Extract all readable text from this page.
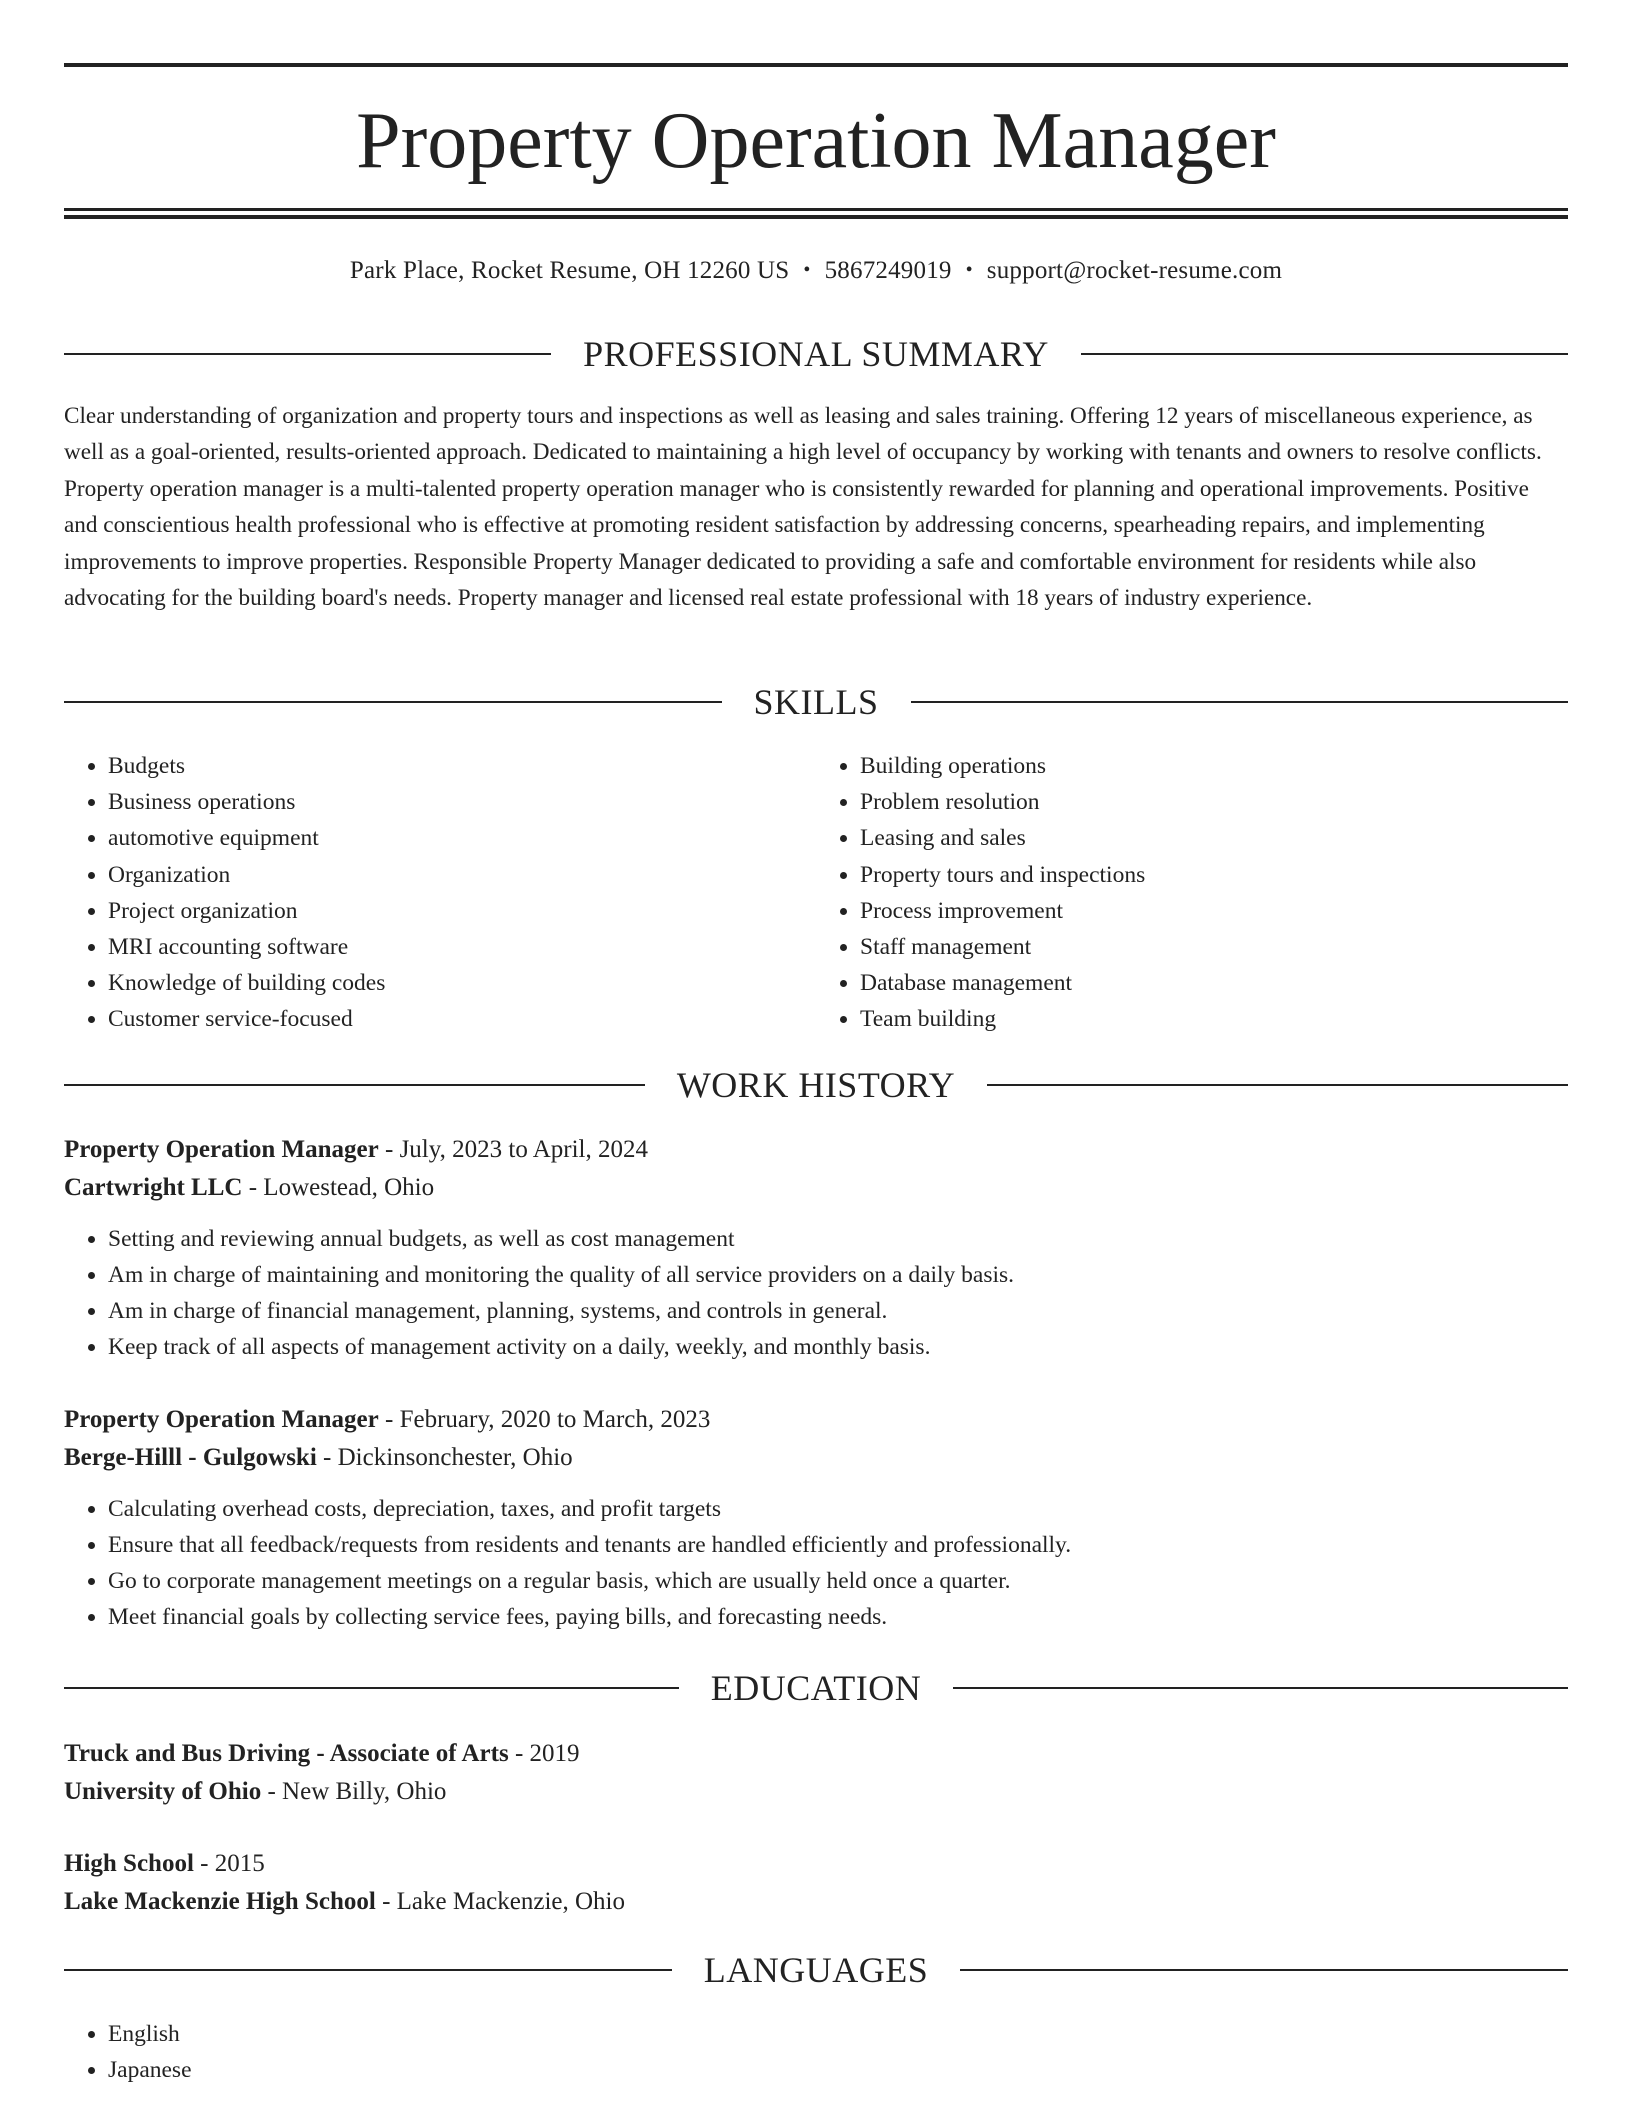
Property Operation Manager
Park Place, Rocket Resume, OH 12260 US • 5867249019 • support@rocket-resume.com
PROFESSIONAL SUMMARY

Clear understanding of organization and property tours and inspections as well as leasing and sales training. Offering 12 years of miscellaneous experience, as well as a goal-oriented, results-oriented approach. Dedicated to maintaining a high level of occupancy by working with tenants and owners to resolve conflicts. Property operation manager is a multi-talented property operation manager who is consistently rewarded for planning and operational improvements. Positive and conscientious health professional who is effective at promoting resident satisfaction by addressing concerns, spearheading repairs, and implementing improvements to improve properties. Responsible Property Manager dedicated to providing a safe and comfortable environment for residents while also advocating for the building board's needs. Property manager and licensed real estate professional with 18 years of industry experience.

SKILLS
• Budgets
• Business operations
• automotive equipment
• Organization
• Project organization
• MRI accounting software
• Knowledge of building codes
• Customer service-focused
• Building operations
• Problem resolution
• Leasing and sales
• Property tours and inspections
• Process improvement
• Staff management
• Database management
• Team building
WORK HISTORY
Property Operation Manager - July, 2023 to April, 2024
Cartwright LLC - Lowestead, Ohio
• Setting and reviewing annual budgets, as well as cost management
• Am in charge of maintaining and monitoring the quality of all service providers on a daily basis.
• Am in charge of financial management, planning, systems, and controls in general.
• Keep track of all aspects of management activity on a daily, weekly, and monthly basis.
Property Operation Manager - February, 2020 to March, 2023
Berge-Hilll - Gulgowski - Dickinsonchester, Ohio
• Calculating overhead costs, depreciation, taxes, and profit targets
• Ensure that all feedback/requests from residents and tenants are handled efficiently and professionally.
• Go to corporate management meetings on a regular basis, which are usually held once a quarter.
• Meet financial goals by collecting service fees, paying bills, and forecasting needs.
EDUCATION
Truck and Bus Driving - Associate of Arts - 2019
University of Ohio - New Billy, Ohio
High School - 2015
Lake Mackenzie High School - Lake Mackenzie, Ohio
LANGUAGES
• English
• Japanese
